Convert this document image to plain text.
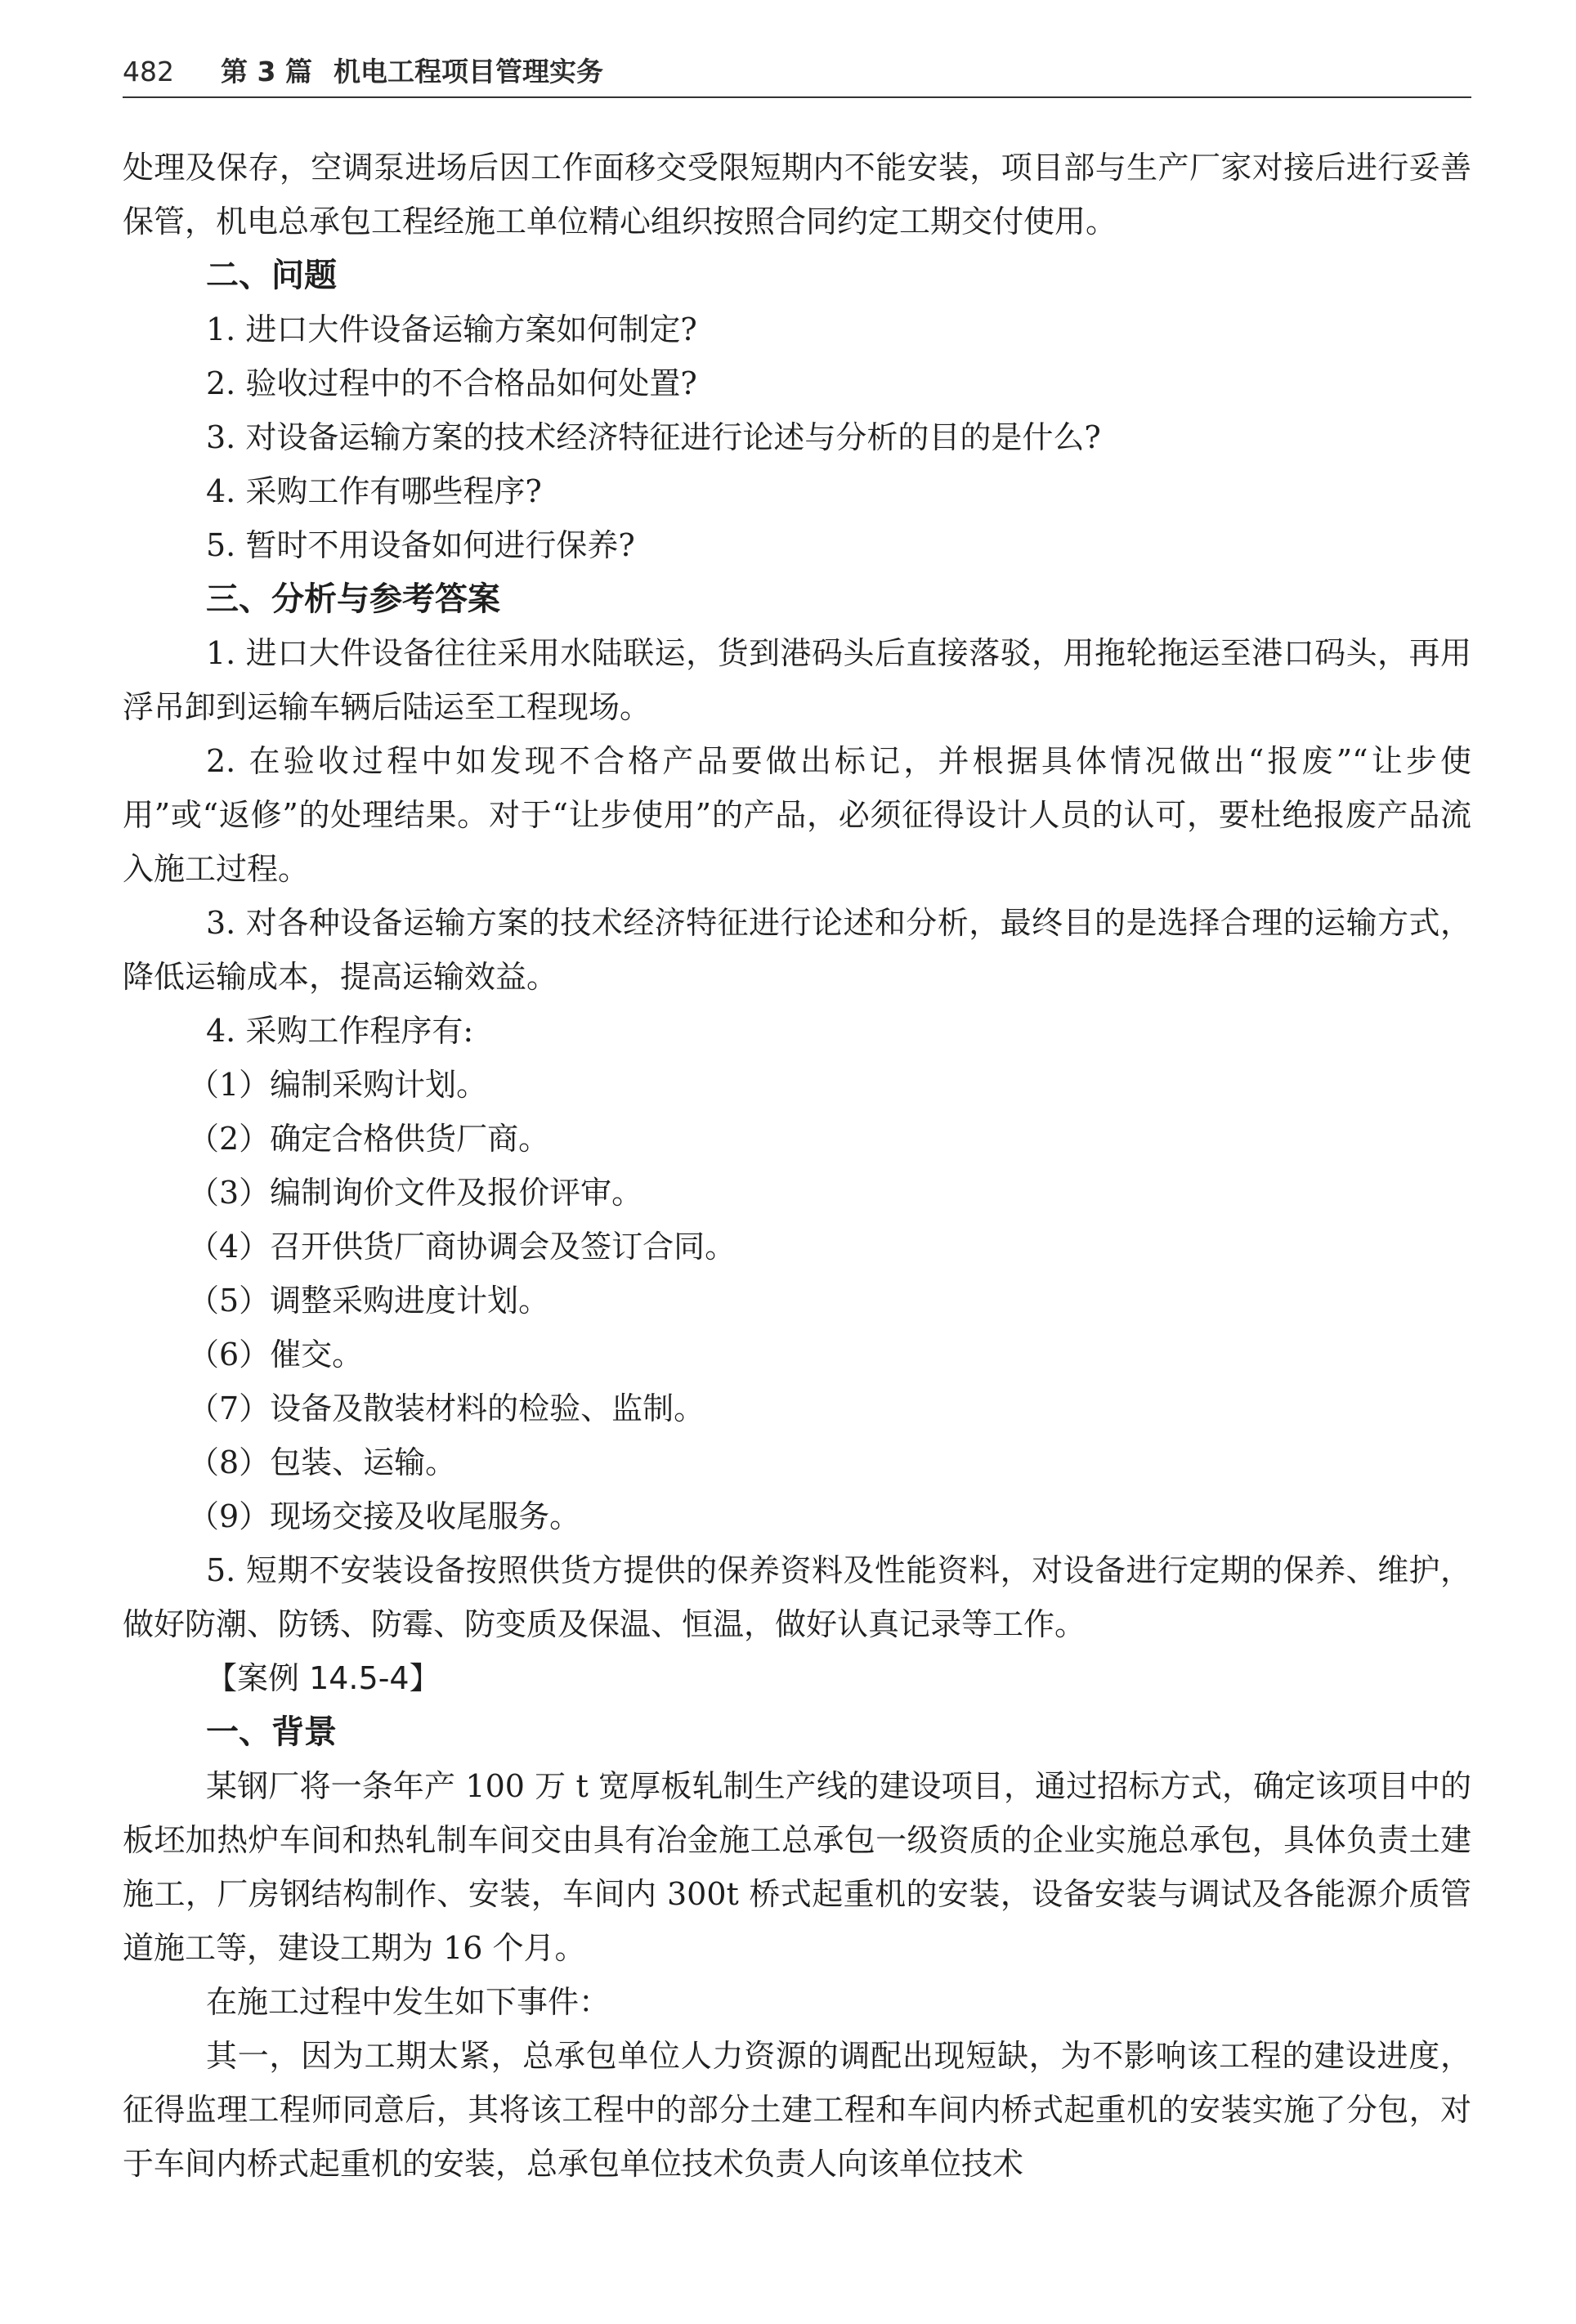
482 第 3 篇 机电工程项目管理实务

处理及保存，空调泵进场后因工作面移交受限短期内不能安装，项目部与生产厂家对接后进行妥善保管，机电总承包工程经施工单位精心组织按照合同约定工期交付使用。

二、问题

1. 进口大件设备运输方案如何制定?

2. 验收过程中的不合格品如何处置?

3. 对设备运输方案的技术经济特征进行论述与分析的目的是什么?

4. 采购工作有哪些程序?

5. 暂时不用设备如何进行保养?

三、分析与参考答案

1. 进口大件设备往往采用水陆联运，货到港码头后直接落驳，用拖轮拖运至港口码头，再用浮吊卸到运输车辆后陆运至工程现场。

2. 在验收过程中如发现不合格产品要做出标记，并根据具体情况做出“报废”“让步使用”或“返修”的处理结果。对于“让步使用”的产品，必须征得设计人员的认可，要杜绝报废产品流入施工过程。

3. 对各种设备运输方案的技术经济特征进行论述和分析，最终目的是选择合理的运输方式，降低运输成本，提高运输效益。

4. 采购工作程序有:

（1）编制采购计划。

（2）确定合格供货厂商。

（3）编制询价文件及报价评审。

（4）召开供货厂商协调会及签订合同。

（5）调整采购进度计划。

（6）催交。

（7）设备及散装材料的检验、监制。

（8）包装、运输。

（9）现场交接及收尾服务。

5. 短期不安装设备按照供货方提供的保养资料及性能资料，对设备进行定期的保养、维护，做好防潮、防锈、防霉、防变质及保温、恒温，做好认真记录等工作。

【案例 14.5-4】

一、背景

某钢厂将一条年产 100 万 t 宽厚板轧制生产线的建设项目，通过招标方式，确定该项目中的板坯加热炉车间和热轧制车间交由具有冶金施工总承包一级资质的企业实施总承包，具体负责土建施工，厂房钢结构制作、安装，车间内 300t 桥式起重机的安装，设备安装与调试及各能源介质管道施工等，建设工期为 16 个月。

在施工过程中发生如下事件：

其一，因为工期太紧，总承包单位人力资源的调配出现短缺，为不影响该工程的建设进度，征得监理工程师同意后，其将该工程中的部分土建工程和车间内桥式起重机的安装实施了分包，对于车间内桥式起重机的安装，总承包单位技术负责人向该单位技术
